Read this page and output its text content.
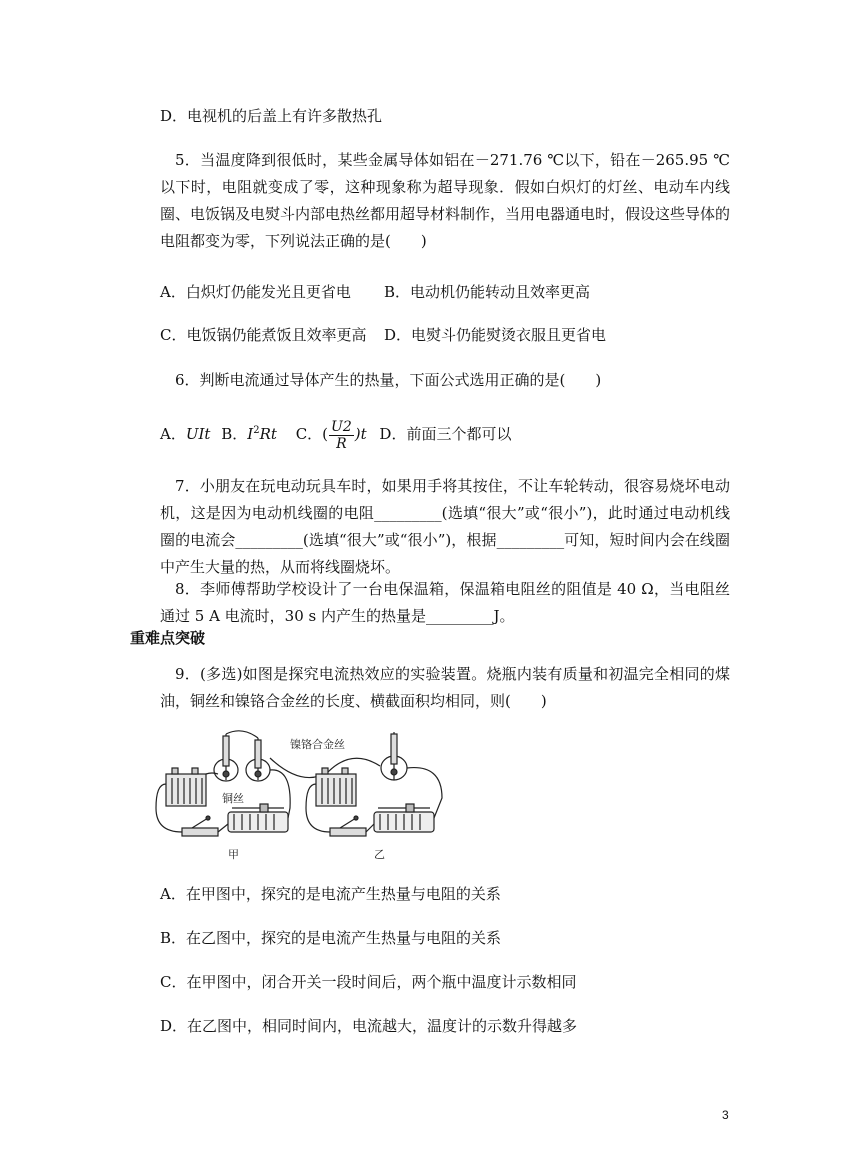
D．电视机的后盖上有许多散热孔
5．当温度降到很低时，某些金属导体如铝在－271.76 ℃以下，铅在－265.95 ℃以下时，电阻就变成了零，这种现象称为超导现象．假如白炽灯的灯丝、电动车内线圈、电饭锅及电熨斗内部电热丝都用超导材料制作，当用电器通电时，假设这些导体的电阻都变为零，下列说法正确的是(　　)
A．白炽灯仍能发光且更省电 B．电动机仍能转动且效率更高
C．电饭锅仍能煮饭且效率更高 D．电熨斗仍能熨烫衣服且更省电
6．判断电流通过导体产生的热量，下面公式选用正确的是(　　)
A．UIt B．$I^2Rt$ C．( $\frac{U2}{R} )t$ D．前面三个都可以
7．小朋友在玩电动玩具车时，如果用手将其按住，不让车轮转动，很容易烧坏电动机，这是因为电动机线圈的电阻_________(选填“很大”或“很小”)，此时通过电动机线圈的电流会_________(选填“很大”或“很小”)，根据_________可知，短时间内会在线圈中产生大量的热，从而将线圈烧坏。
8．李师傅帮助学校设计了一台电保温箱，保温箱电阻丝的阻值是 40 Ω，当电阻丝通过 5 A 电流时，30 s 内产生的热量是_________J。
重难点突破
9．(多选)如图是探究电流热效应的实验装置。烧瓶内装有质量和初温完全相同的煤油，铜丝和镍铬合金丝的长度、横截面积均相同，则(　　)
镍铬合金丝
铜丝
甲	乙
A．在甲图中，探究的是电流产生热量与电阻的关系
B．在乙图中，探究的是电流产生热量与电阻的关系
C．在甲图中，闭合开关一段时间后，两个瓶中温度计示数相同
D．在乙图中，相同时间内，电流越大，温度计的示数升得越多
3
